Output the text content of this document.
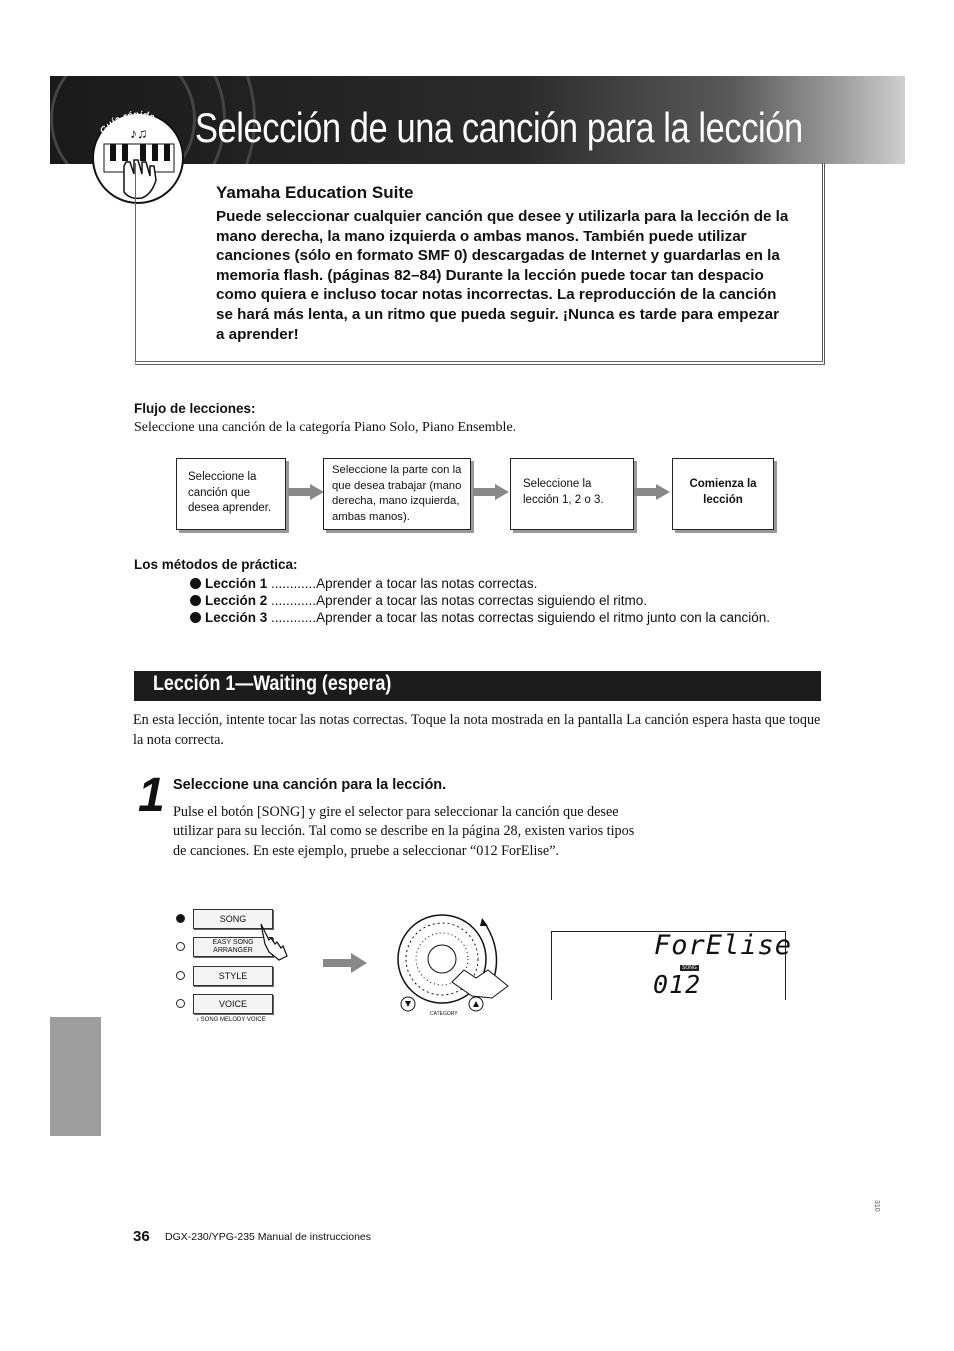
Selección de una canción para la lección
Guía rápida
♪♫
Yamaha Education Suite
Puede seleccionar cualquier canción que desee y utilizarla para la lección de la mano derecha, la mano izquierda o ambas manos. También puede utilizar canciones (sólo en formato SMF 0) descargadas de Internet y guardarlas en la memoria flash. (páginas 82–84) Durante la lección puede tocar tan despacio como quiera e incluso tocar notas incorrectas. La reproducción de la canción se hará más lenta, a un ritmo que pueda seguir. ¡Nunca es tarde para empezar a aprender!
Flujo de lecciones:
Seleccione una canción de la categoría Piano Solo, Piano Ensemble.
Seleccione la canción que desea aprender.
Seleccione la parte con la que desea trabajar (mano derecha, mano izquierda, ambas manos).
Seleccione la lección 1, 2 o 3.
Comienza la lección
Los métodos de práctica:
Lección 1 ............Aprender a tocar las notas correctas.
Lección 2 ............Aprender a tocar las notas correctas siguiendo el ritmo.
Lección 3 ............Aprender a tocar las notas correctas siguiendo el ritmo junto con la canción.
Lección 1—Waiting (espera)
En esta lección, intente tocar las notas correctas. Toque la nota mostrada en la pantalla La canción espera hasta que toque la nota correcta.
1 Seleccione una canción para la lección.
Pulse el botón [SONG] y gire el selector para seleccionar la canción que desee utilizar para su lección. Tal como se describe en la página 28, existen varios tipos de canciones. En este ejemplo, pruebe a seleccionar “012 ForElise”.
SONG
EASY SONG ARRANGER
STYLE
VOICE
♪ SONG MELODY VOICE
CATEGORY
ForElise
SONG
012
36 DGX-230/YPG-235 Manual de instrucciones
310
